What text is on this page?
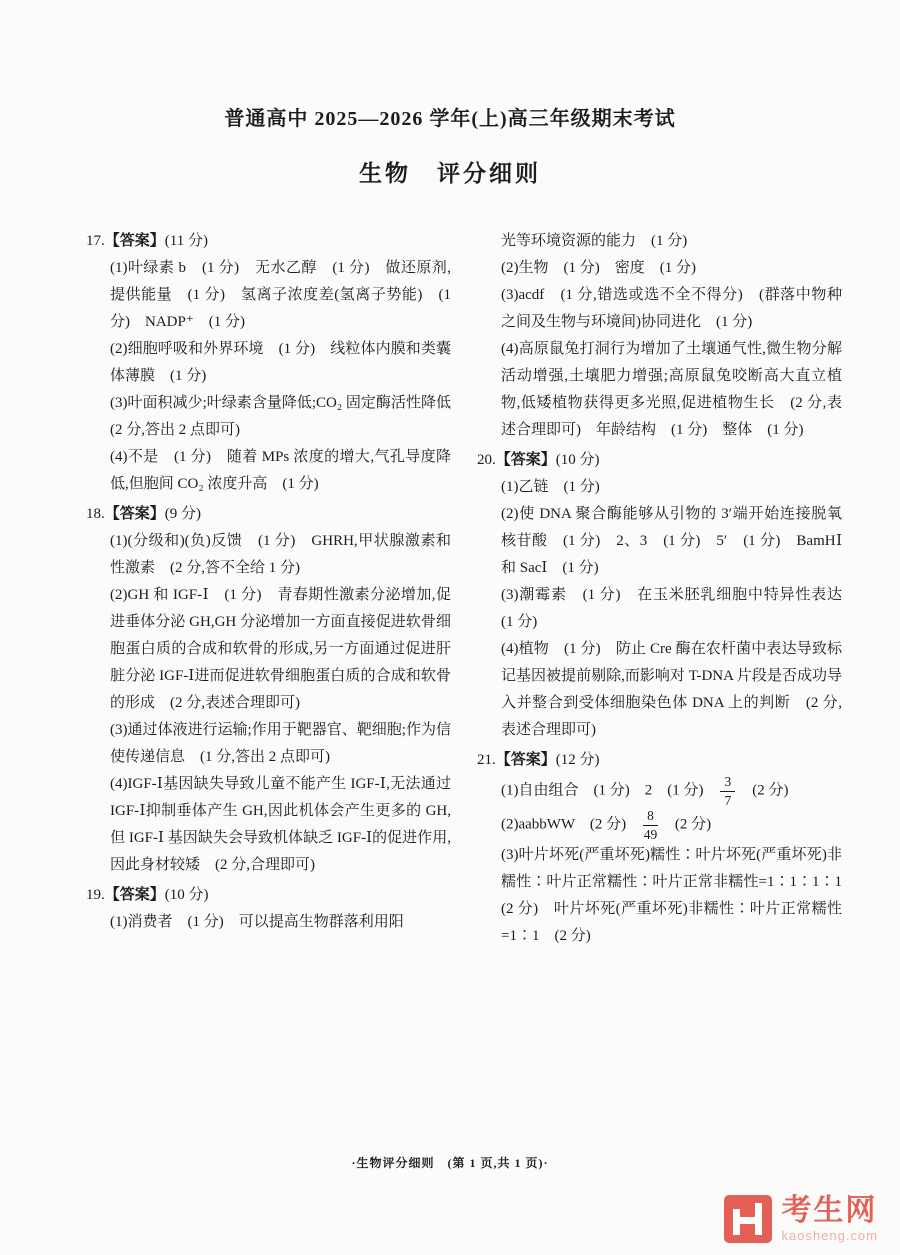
普通高中 2025—2026 学年(上)高三年级期末考试
生物　评分细则
17.【答案】(11 分)

(1)叶绿素 b　(1 分)　无水乙醇　(1 分)　做还原剂,提供能量　(1 分)　氢离子浓度差(氢离子势能)　(1 分)　NADP⁺　(1 分)

(2)细胞呼吸和外界环境　(1 分)　线粒体内膜和类囊体薄膜　(1 分)

(3)叶面积减少;叶绿素含量降低;CO₂ 固定酶活性降低　(2 分,答出 2 点即可)

(4)不是　(1 分)　随着 MPs 浓度的增大,气孔导度降低,但胞间 CO₂ 浓度升高　(1 分)

18.【答案】(9 分)

(1)(分级和)(负)反馈　(1 分)　GHRH,甲状腺激素和性激素　(2 分,答不全给 1 分)

(2)GH 和 IGF-Ⅰ　(1 分)　青春期性激素分泌增加,促进垂体分泌 GH,GH 分泌增加一方面直接促进软骨细胞蛋白质的合成和软骨的形成,另一方面通过促进肝脏分泌 IGF-Ⅰ进而促进软骨细胞蛋白质的合成和软骨的形成　(2 分,表述合理即可)

(3)通过体液进行运输;作用于靶器官、靶细胞;作为信使传递信息　(1 分,答出 2 点即可)

(4)IGF-Ⅰ基因缺失导致儿童不能产生 IGF-Ⅰ,无法通过 IGF-Ⅰ抑制垂体产生 GH,因此机体会产生更多的 GH,但 IGF-Ⅰ 基因缺失会导致机体缺乏 IGF-Ⅰ的促进作用,因此身材较矮　(2 分,合理即可)

19.【答案】(10 分)

(1)消费者　(1 分)　可以提高生物群落利用阳

光等环境资源的能力　(1 分)

(2)生物　(1 分)　密度　(1 分)

(3)acdf　(1 分,错选或选不全不得分)　(群落中物种之间及生物与环境间)协同进化　(1 分)

(4)高原鼠兔打洞行为增加了土壤通气性,微生物分解活动增强,土壤肥力增强;高原鼠兔咬断高大直立植物,低矮植物获得更多光照,促进植物生长　(2 分,表述合理即可)　年龄结构　(1 分)　整体　(1 分)

20.【答案】(10 分)

(1)乙链　(1 分)

(2)使 DNA 聚合酶能够从引物的 3′端开始连接脱氧核苷酸　(1 分)　2、3　(1 分)　5′　(1 分)　BamHⅠ和 SacⅠ　(1 分)

(3)潮霉素　(1 分)　在玉米胚乳细胞中特异性表达　(1 分)

(4)植物　(1 分)　防止 Cre 酶在农杆菌中表达导致标记基因被提前剔除,而影响对 T-DNA 片段是否成功导入并整合到受体细胞染色体 DNA 上的判断　(2 分,表述合理即可)

21.【答案】(12 分)

(1)自由组合　(1 分)　2　(1 分)　 $\frac{3}{7}$ 　(2 分)

(2)aabbWW　(2 分)　 $\frac{8}{49}$ 　(2 分)

(3)叶片坏死(严重坏死)糯性∶叶片坏死(严重坏死)非糯性∶叶片正常糯性∶叶片正常非糯性=1∶1∶1∶1　(2 分)　叶片坏死(严重坏死)非糯性∶叶片正常糯性=1∶1　(2 分)

·生物评分细则　(第 1 页,共 1 页)·
考生网
kaosheng.com
